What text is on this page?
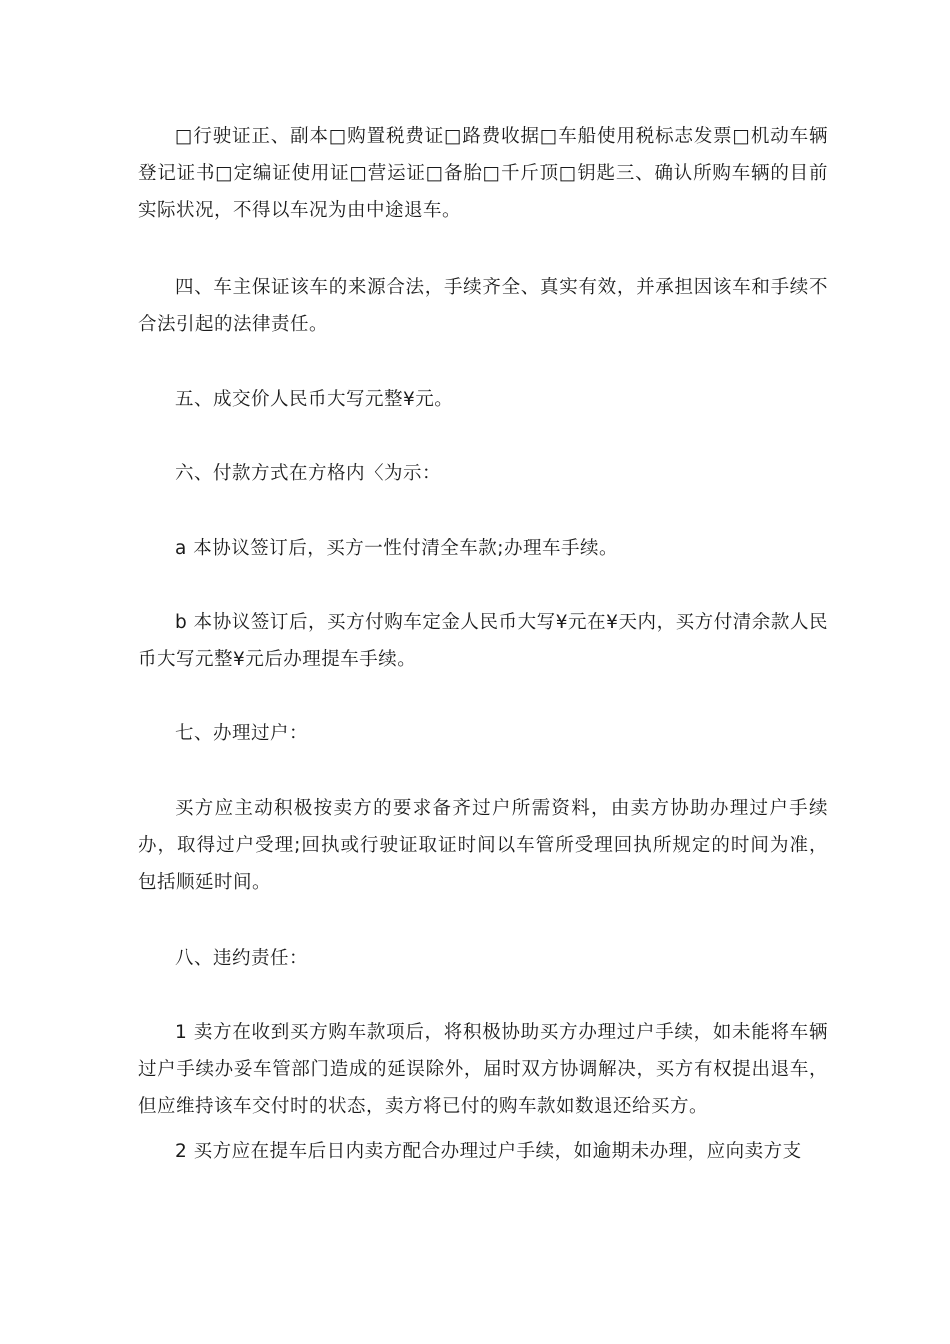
□行驶证正、副本□购置税费证□路费收据□车船使用税标志发票□机动车辆登记证书□定编证使用证□营运证□备胎□千斤顶□钥匙三、确认所购车辆的目前实际状况，不得以车况为由中途退车。

四、车主保证该车的来源合法，手续齐全、真实有效，并承担因该车和手续不合法引起的法律责任。

五、成交价人民币大写元整¥元。

六、付款方式在方格内〈为示：

a 本协议签订后，买方一性付清全车款;办理车手续。

b 本协议签订后，买方付购车定金人民币大写¥元在¥天内，买方付清余款人民币大写元整¥元后办理提车手续。

七、办理过户：

买方应主动积极按卖方的要求备齐过户所需资料，由卖方协助办理过户手续办，取得过户受理;回执或行驶证取证时间以车管所受理回执所规定的时间为准，包括顺延时间。

八、违约责任：

1 卖方在收到买方购车款项后，将积极协助买方办理过户手续，如未能将车辆过户手续办妥车管部门造成的延误除外，届时双方协调解决，买方有权提出退车，但应维持该车交付时的状态，卖方将已付的购车款如数退还给买方。

2 买方应在提车后日内卖方配合办理过户手续，如逾期未办理，应向卖方支
